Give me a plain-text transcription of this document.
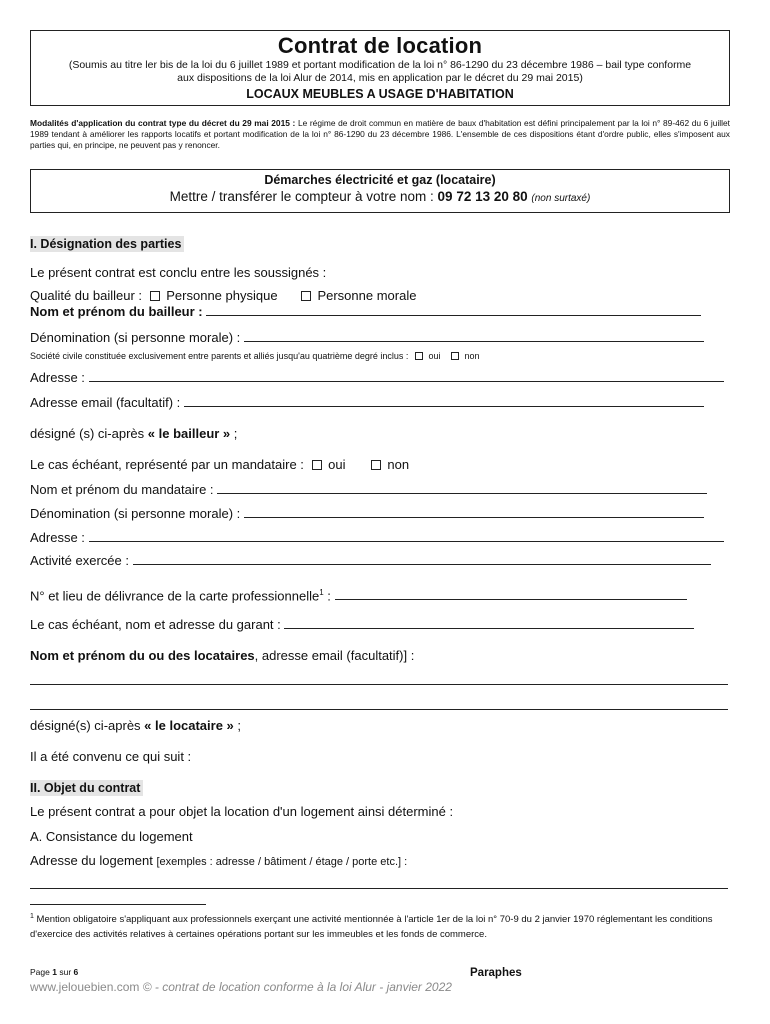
Contrat de location
(Soumis au titre ler bis de la loi du 6 juillet 1989 et portant modification de la loi n° 86-1290 du 23 décembre 1986 – bail type conforme
aux dispositions de la loi Alur de 2014, mis en application par le décret du 29 mai 2015)
LOCAUX MEUBLES A USAGE D'HABITATION
Modalités d'application du contrat type du décret du 29 mai 2015 : Le régime de droit commun en matière de baux d'habitation est défini principalement par la loi n° 89-462 du 6 juillet 1989 tendant à améliorer les rapports locatifs et portant modification de la loi n° 86-1290 du 23 décembre 1986. L'ensemble de ces dispositions étant d'ordre public, elles s'imposent aux parties qui, en principe, ne peuvent pas y renoncer.
Démarches électricité et gaz (locataire)
Mettre / transférer le compteur à votre nom : 09 72 13 20 80 (non surtaxé)
I. Désignation des parties
Le présent contrat est conclu entre les soussignés :
Qualité du bailleur : Personne physique	Personne morale
Nom et prénom du bailleur :
Dénomination (si personne morale) :
Société civile constituée exclusivement entre parents et alliés jusqu'au quatrième degré inclus : oui	non
Adresse :
Adresse email (facultatif) :
désigné (s) ci-après « le bailleur » ;
Le cas échéant, représenté par un mandataire : oui	non
Nom et prénom du mandataire :
Dénomination (si personne morale) :
Adresse :
Activité exercée :
N° et lieu de délivrance de la carte professionnelle$^1$ :
Le cas échéant, nom et adresse du garant :
Nom et prénom du ou des locataires, adresse email (facultatif)] :
désigné(s) ci-après « le locataire » ;
Il a été convenu ce qui suit :
II. Objet du contrat
Le présent contrat a pour objet la location d'un logement ainsi déterminé :
A. Consistance du logement
Adresse du logement [exemples : adresse / bâtiment / étage / porte etc.] :
$^1$ Mention obligatoire s'appliquant aux professionnels exerçant une activité mentionnée à l'article 1er de la loi n° 70-9 du 2 janvier 1970 réglementant les conditions d'exercice des activités relatives à certaines opérations portant sur les immeubles et les fonds de commerce.
Page 1 sur 6	Paraphes
www.jelouebien.com © - contrat de location conforme à la loi Alur - janvier 2022
